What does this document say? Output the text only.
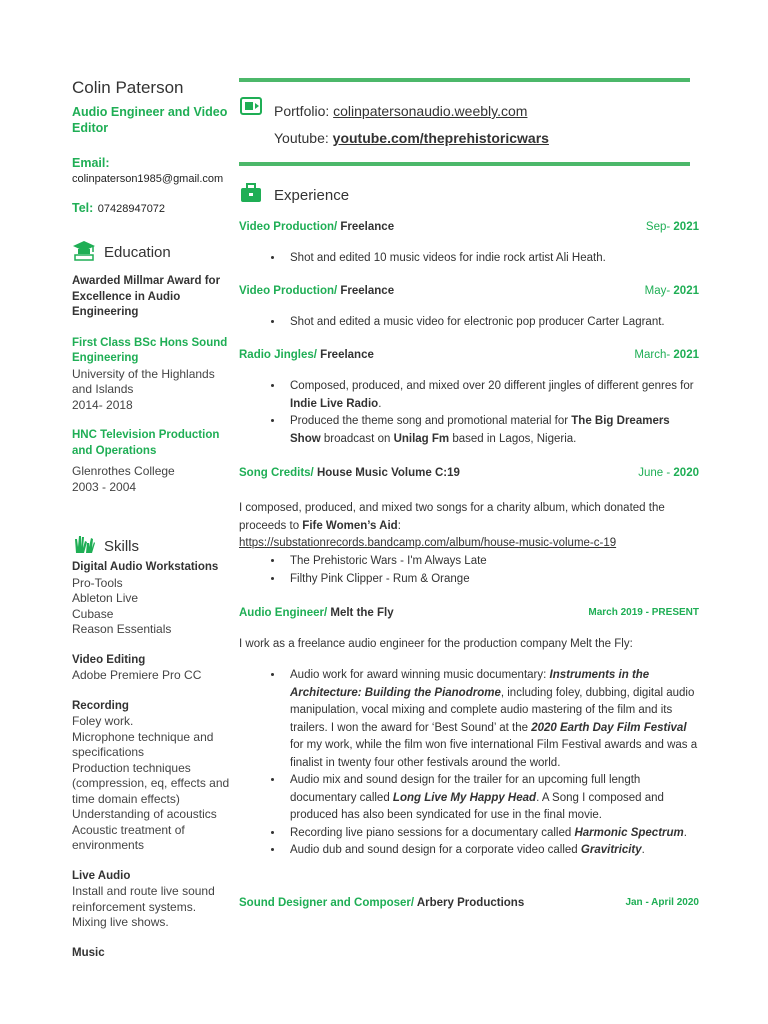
Colin Paterson
Audio Engineer and Video Editor
Email:
colinpaterson1985@gmail.com
Tel: 07428947072
Education
Awarded Millmar Award for Excellence in Audio Engineering
First Class BSc Hons Sound Engineering
University of the Highlands and Islands
2014- 2018
HNC Television Production and Operations
Glenrothes College
2003 - 2004
Skills
Digital Audio Workstations
Pro-Tools
Ableton Live
Cubase
Reason Essentials
Video Editing
Adobe Premiere Pro CC
Recording
Foley work.
Microphone technique and specifications
Production techniques (compression, eq, effects and time domain effects)
Understanding of acoustics
Acoustic treatment of environments
Live Audio
Install and route live sound reinforcement systems.
Mixing live shows.
Music
Portfolio: colinpatersonaudio.weebly.com
Youtube: youtube.com/theprehistoricwars
Experience
Video Production/ Freelance	Sep- 2021
• Shot and edited 10 music videos for indie rock artist Ali Heath.
Video Production/ Freelance	May- 2021
• Shot and edited a music video for electronic pop producer Carter Lagrant.
Radio Jingles/ Freelance	March- 2021
• Composed, produced, and mixed over 20 different jingles of different genres for Indie Live Radio.
• Produced the theme song and promotional material for The Big Dreamers Show broadcast on Unilag Fm based in Lagos, Nigeria.
Song Credits/ House Music Volume C:19	June - 2020
I composed, produced, and mixed two songs for a charity album, which donated the proceeds to Fife Women’s Aid:
https://substationrecords.bandcamp.com/album/house-music-volume-c-19
• The Prehistoric Wars - I'm Always Late
• Filthy Pink Clipper - Rum & Orange
Audio Engineer/ Melt the Fly	March 2019 - PRESENT
I work as a freelance audio engineer for the production company Melt the Fly:
• Audio work for award winning music documentary: Instruments in the Architecture: Building the Pianodrome, including foley, dubbing, digital audio manipulation, vocal mixing and complete audio mastering of the film and its trailers. I won the award for ‘Best Sound’ at the 2020 Earth Day Film Festival for my work, while the film won five international Film Festival awards and was a finalist in twenty four other festivals around the world.
• Audio mix and sound design for the trailer for an upcoming full length documentary called Long Live My Happy Head. A Song I composed and produced has also been syndicated for use in the final movie.
• Recording live piano sessions for a documentary called Harmonic Spectrum.
• Audio dub and sound design for a corporate video called Gravitricity.
Sound Designer and Composer/ Arbery Productions	Jan - April 2020
